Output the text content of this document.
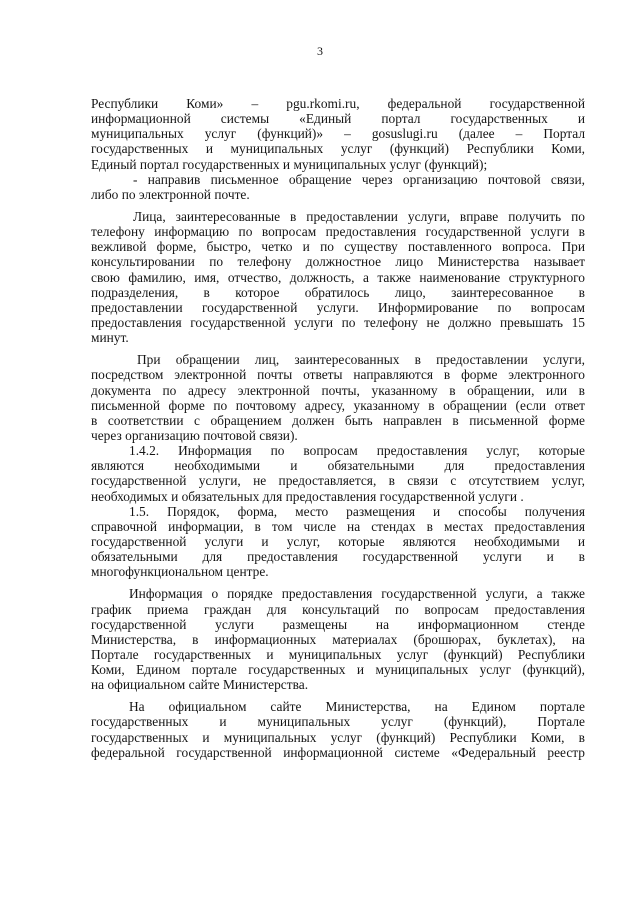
3
Республики Коми» – pgu.rkomi.ru, федеральной государственной
информационной системы «Единый портал государственных и
муниципальных услуг (функций)» – gosuslugi.ru (далее – Портал
государственных и муниципальных услуг (функций) Республики Коми,
Единый портал государственных и муниципальных услуг (функций);
- направив письменное обращение через организацию почтовой связи,
либо по электронной почте.
Лица, заинтересованные в предоставлении услуги, вправе получить по
телефону информацию по вопросам предоставления государственной услуги в
вежливой форме, быстро, четко и по существу поставленного вопроса. При
консультировании по телефону должностное лицо Министерства называет
свою фамилию, имя, отчество, должность, а также наименование структурного
подразделения, в которое обратилось лицо, заинтересованное в
предоставлении государственной услуги. Информирование по вопросам
предоставления государственной услуги по телефону не должно превышать 15
минут.
При обращении лиц, заинтересованных в предоставлении услуги,
посредством электронной почты ответы направляются в форме электронного
документа по адресу электронной почты, указанному в обращении, или в
письменной форме по почтовому адресу, указанному в обращении (если ответ
в соответствии с обращением должен быть направлен в письменной форме
через организацию почтовой связи).
1.4.2. Информация по вопросам предоставления услуг, которые
являются необходимыми и обязательными для предоставления
государственной услуги, не предоставляется, в связи с отсутствием услуг,
необходимых и обязательных для предоставления государственной услуги .
1.5. Порядок, форма, место размещения и способы получения
справочной информации, в том числе на стендах в местах предоставления
государственной услуги и услуг, которые являются необходимыми и
обязательными для предоставления государственной услуги и в
многофункциональном центре.
Информация о порядке предоставления государственной услуги, а также
график приема граждан для консультаций по вопросам предоставления
государственной услуги размещены на информационном стенде
Министерства, в информационных материалах (брошюрах, буклетах), на
Портале государственных и муниципальных услуг (функций) Республики
Коми, Едином портале государственных и муниципальных услуг (функций),
на официальном сайте Министерства.
На официальном сайте Министерства, на Едином портале
государственных и муниципальных услуг (функций), Портале
государственных и муниципальных услуг (функций) Республики Коми, в
федеральной государственной информационной системе «Федеральный реестр
